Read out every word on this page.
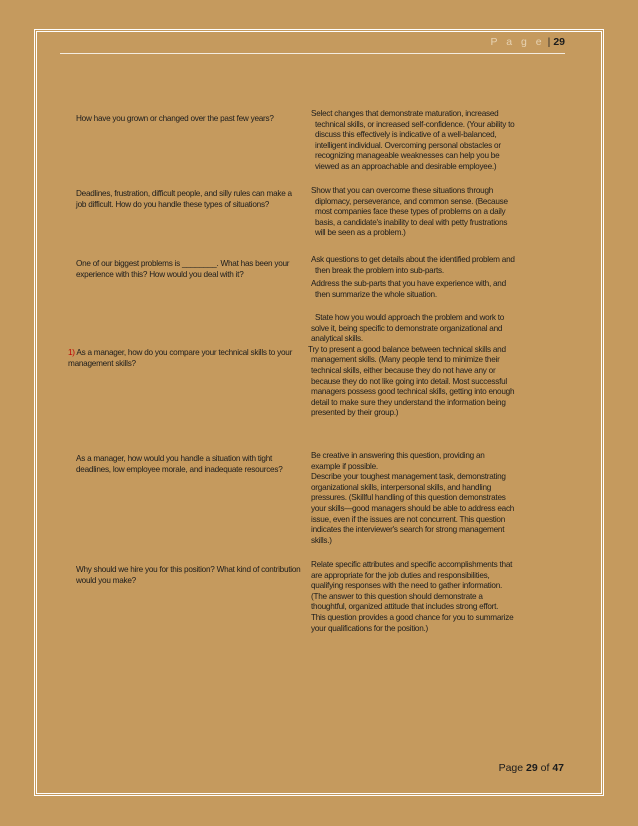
P a g e | 29
How have you grown or changed over the past few years?

Select changes that demonstrate maturation, increased

technical skills, or increased self-confidence. (Your ability to

discuss this effectively is indicative of a well-balanced,

intelligent individual. Overcoming personal obstacles or

recognizing manageable weaknesses can help you be

viewed as an approachable and desirable employee.)

Deadlines, frustration, difficult people, and silly rules can make a job difficult. How do you handle these types of situations?

Show that you can overcome these situations through

diplomacy, perseverance, and common sense. (Because

most companies face these types of problems on a daily

basis, a candidate's inability to deal with petty frustrations

will be seen as a problem.)

One of our biggest problems is ________. What has been your experience with this? How would you deal with it?

Ask questions to get details about the identified problem and

then break the problem into sub-parts.

Address the sub-parts that you have experience with, and

then summarize the whole situation.

1) As a manager, how do you compare your technical skills to your management skills?

State how you would approach the problem and work to

solve it, being specific to demonstrate organizational and

analytical skills.

Try to present a good balance between technical skills and

management skills. (Many people tend to minimize their

technical skills, either because they do not have any or

because they do not like going into detail. Most successful

managers possess good technical skills, getting into enough

detail to make sure they understand the information being

presented by their group.)

As a manager, how would you handle a situation with tight deadlines, low employee morale, and inadequate resources?

Be creative in answering this question, providing an

example if possible.

Describe your toughest management task, demonstrating

organizational skills, interpersonal skills, and handling

pressures. (Skillful handling of this question demonstrates

your skills—good managers should be able to address each

issue, even if the issues are not concurrent. This question

indicates the interviewer's search for strong management

skills.)

Why should we hire you for this position? What kind of contribution would you make?

Relate specific attributes and specific accomplishments that

are appropriate for the job duties and responsibilities,

qualifying responses with the need to gather information.

(The answer to this question should demonstrate a

thoughtful, organized attitude that includes strong effort.

This question provides a good chance for you to summarize

your qualifications for the position.)

Page 29 of 47
